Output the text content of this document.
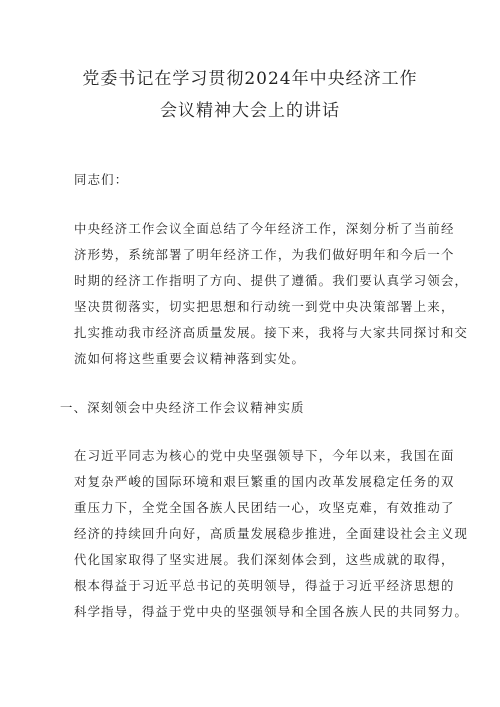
党委书记在学习贯彻2024年中央经济工作
会议精神大会上的讲话
同志们：
中央经济工作会议全面总结了今年经济工作，深刻分析了当前经
济形势，系统部署了明年经济工作，为我们做好明年和今后一个
时期的经济工作指明了方向、提供了遵循。我们要认真学习领会，
坚决贯彻落实，切实把思想和行动统一到党中央决策部署上来，
扎实推动我市经济高质量发展。接下来，我将与大家共同探讨和交
流如何将这些重要会议精神落到实处。
一、深刻领会中央经济工作会议精神实质
在习近平同志为核心的党中央坚强领导下，今年以来，我国在面
对复杂严峻的国际环境和艰巨繁重的国内改革发展稳定任务的双
重压力下，全党全国各族人民团结一心，攻坚克难，有效推动了
经济的持续回升向好，高质量发展稳步推进，全面建设社会主义现
代化国家取得了坚实进展。我们深刻体会到，这些成就的取得，
根本得益于习近平总书记的英明领导，得益于习近平经济思想的
科学指导，得益于党中央的坚强领导和全国各族人民的共同努力。
